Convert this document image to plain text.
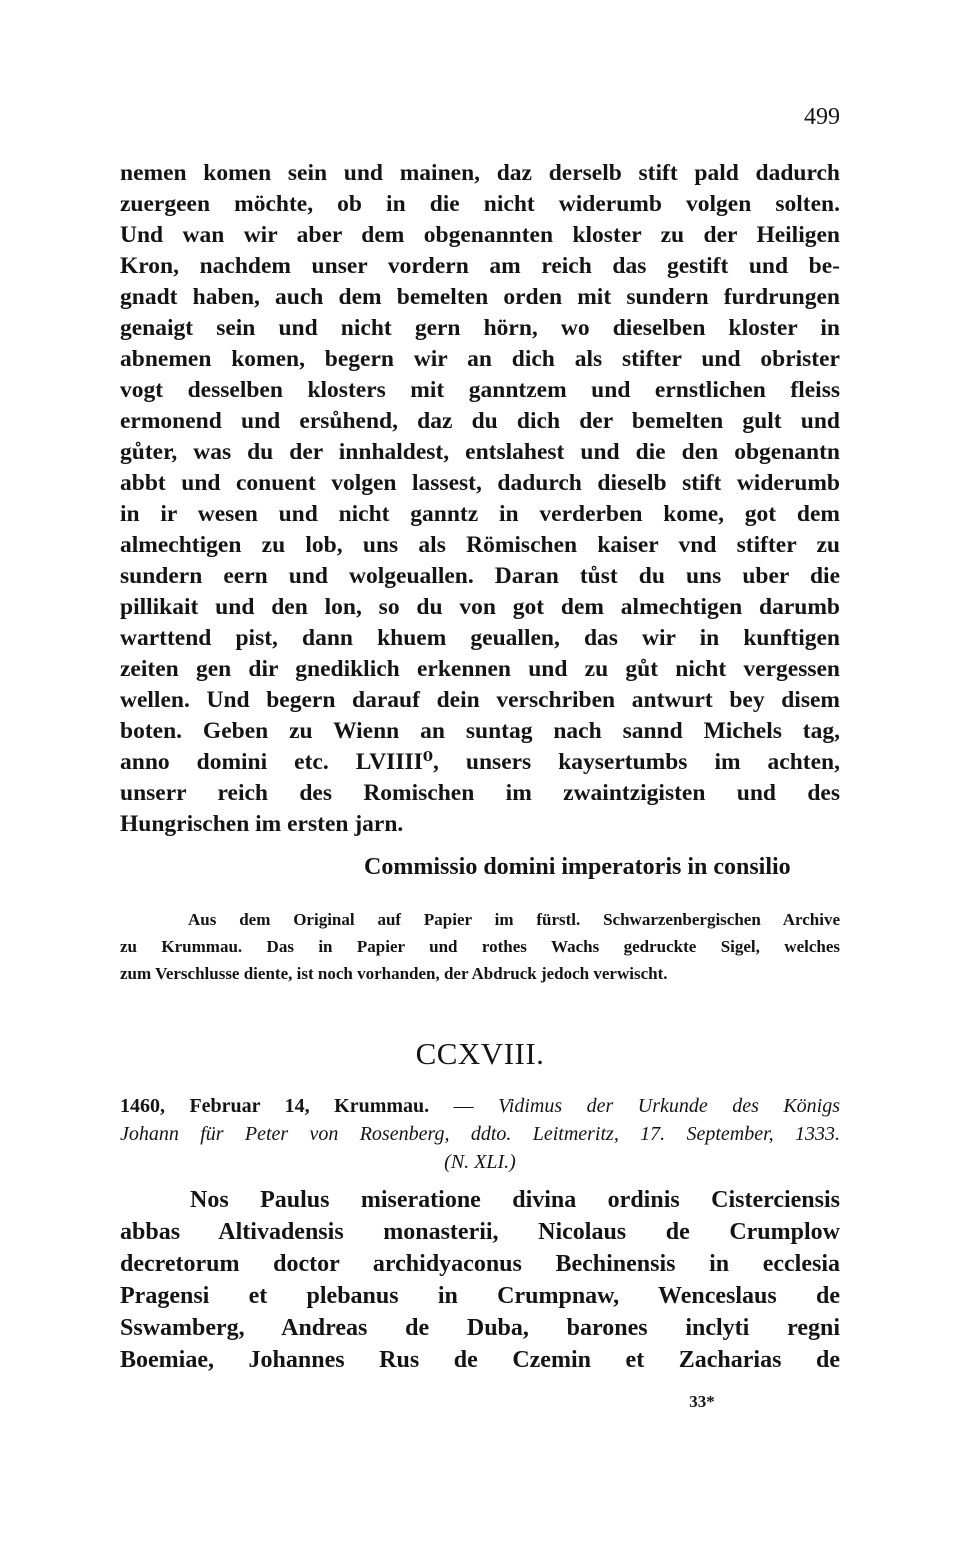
499
nemen komen sein und mainen, daz derselb stift pald dadurch
zuergeen möchte, ob in die nicht widerumb volgen solten.
Und wan wir aber dem obgenannten kloster zu der Heiligen
Kron, nachdem unser vordern am reich das gestift und be-
gnadt haben, auch dem bemelten orden mit sundern furdrungen
genaigt sein und nicht gern hörn, wo dieselben kloster in
abnemen komen, begern wir an dich als stifter und obrister
vogt desselben klosters mit ganntzem und ernstlichen fleiss
ermonend und ersůhend, daz du dich der bemelten gult und
gůter, was du der innhaldest, entslahest und die den obgenantn
abbt und conuent volgen lassest, dadurch dieselb stift widerumb
in ir wesen und nicht ganntz in verderben kome, got dem
almechtigen zu lob, uns als Römischen kaiser vnd stifter zu
sundern eern und wolgeuallen. Daran tůst du uns uber die
pillikait und den lon, so du von got dem almechtigen darumb
warttend pist, dann khuem geuallen, das wir in kunftigen
zeiten gen dir gnediklich erkennen und zu gůt nicht vergessen
wellen. Und begern darauf dein verschriben antwurt bey disem
boten. Geben zu Wienn an suntag nach sannd Michels tag,
anno domini etc. LVIIII⁰, unsers kaysertumbs im achten,
unserr reich des Romischen im zwaintzigisten und des
Hungrischen im ersten jarn.
Commissio domini imperatoris in consilio
Aus dem Original auf Papier im fürstl. Schwarzenbergischen Archive
zu Krummau. Das in Papier und rothes Wachs gedruckte Sigel, welches
zum Verschlusse diente, ist noch vorhanden, der Abdruck jedoch verwischt.
CCXVIII.
1460, Februar 14, Krummau. — Vidimus der Urkunde des Königs
Johann für Peter von Rosenberg, ddto. Leitmeritz, 17. September, 1333.
(N. XLI.)
Nos Paulus miseratione divina ordinis Cisterciensis
abbas Altivadensis monasterii, Nicolaus de Crumplow
decretorum doctor archidyaconus Bechinensis in ecclesia
Pragensi et plebanus in Crumpnaw, Wenceslaus de
Sswamberg, Andreas de Duba, barones inclyti regni
Boemiae, Johannes Rus de Czemin et Zacharias de
33*
